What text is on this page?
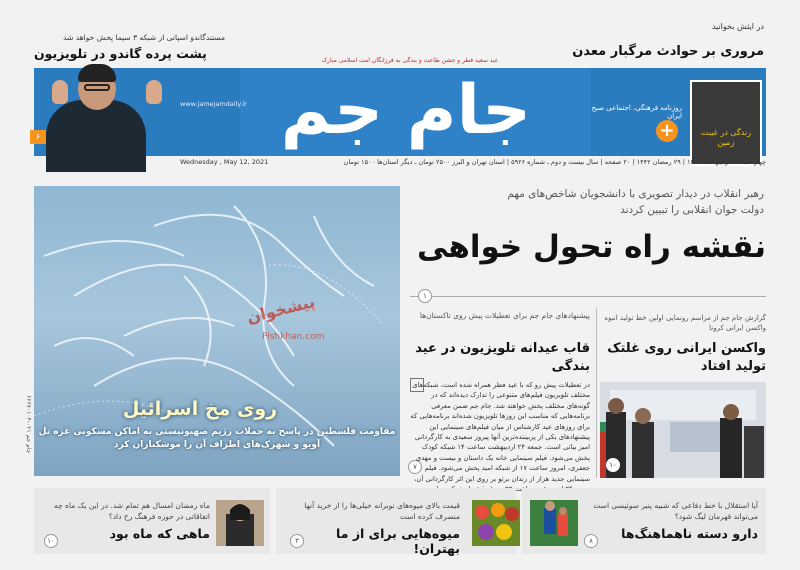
در ایثش بخوانید
مروری بر حوادث مرگبار معدن
مستندگاندو اسپاتی از شبکه ۳ سیما پخش خواهد شد
پشت پرده گاندو در تلویزیون	عید سعید فطر و جشن طاعت و بندگی به فرزانگان امت اسلامی مبارک
جام جم	روزنامه فرهنگی، اجتماعی صبح ایران
www.jamejamdaily.ir
زندگی در غیبت زمین
+
۶
چهارشنبه ۲۲ اردیبهشت ۱۴۰۰ | ۲۹ رمضان ۱۴۴۲ | ۲۰ صفحه | سال بیست و دوم ـ شماره ۵۹۲۶ | استان تهران و البرز ۲۵۰۰ تومان ـ دیگر استان‌ها ۱۵۰۰ تومان
Wednesday , May 12, 2021
پیشخوان
Pishkhan.com
روی مخ اسرائیل
مقاومت فلسطین در پاسخ به حملات رژیم صهیونیستی به اماکن مسکونی غزه تل آویو و شهرک‌های اطراف آن را موشکباران کرد
۷
جام جم ۰۲۱-۶۶۶۷۰۱۰۴
رهبر انقلاب در دیدار تصویری با دانشجویان شاخص‌های مهم
دولت جوان انقلابی را تبیین کردند
نقشه راه تحول خواهی
۱
پیشنهادهای جام جم برای تعطیلات پیش روی تاکستان‌ها
قاب عیدانه تلویزیون در عید بندگی
در تعطیلات پیش رو که با عید فطر همراه شده است، شبکه‌های مختلف تلویزیون فیلم‌های متنوعی را تدارک دیده‌اند که در گونه‌های مختلف پخش خواهند شد. جام جم ضمن معرفی برنامه‌هایی که مناسب این روزها تلویزیون شده‌اند برنامه‌هایی که برای روزهای عید کارشناس از میان فیلم‌های سینمایی این پیشنهادهای یکی از پربیننده‌ترین آنها پیروز سعیدی به کارگردانی امیر بیاتی است. جمعه ۲۴ اردیبهشت ساعت ۱۴ شبکه کودک پخش می‌شود. فیلم سینمایی خانه یک داستان و بیست و مهدی جعفری، امروز ساعت ۱۷ از شبکه امید پخش می‌شود. فیلم سینمایی جدید هزار از زندان برتو بر روی این اثر کارگردانی آن،
گزارش جام جم از مراسم رونمایی اولین خط تولید انبوه واکسن ایرانی کرونا
واکسن ایرانی روی غلتک تولید افتاد
۱۰
آیا استقلال با خط دفاعی که شبیه پنیر سوئیسی است می‌تواند قهرمان لیگ شود؟
دارو دسته ناهماهنگ‌ها
۸
قیمت بالای میوه‌های نوبرانه خیلی‌ها را از خرید آنها منصرف کرده است
میوه‌هایی برای از ما بهتران!
۳
ماه رمضان امسال هم تمام شد. در این یک ماه چه اتفاقاتی در حوزه فرهنگ رخ داد؟
ماهی که ماه بود
۱۰
